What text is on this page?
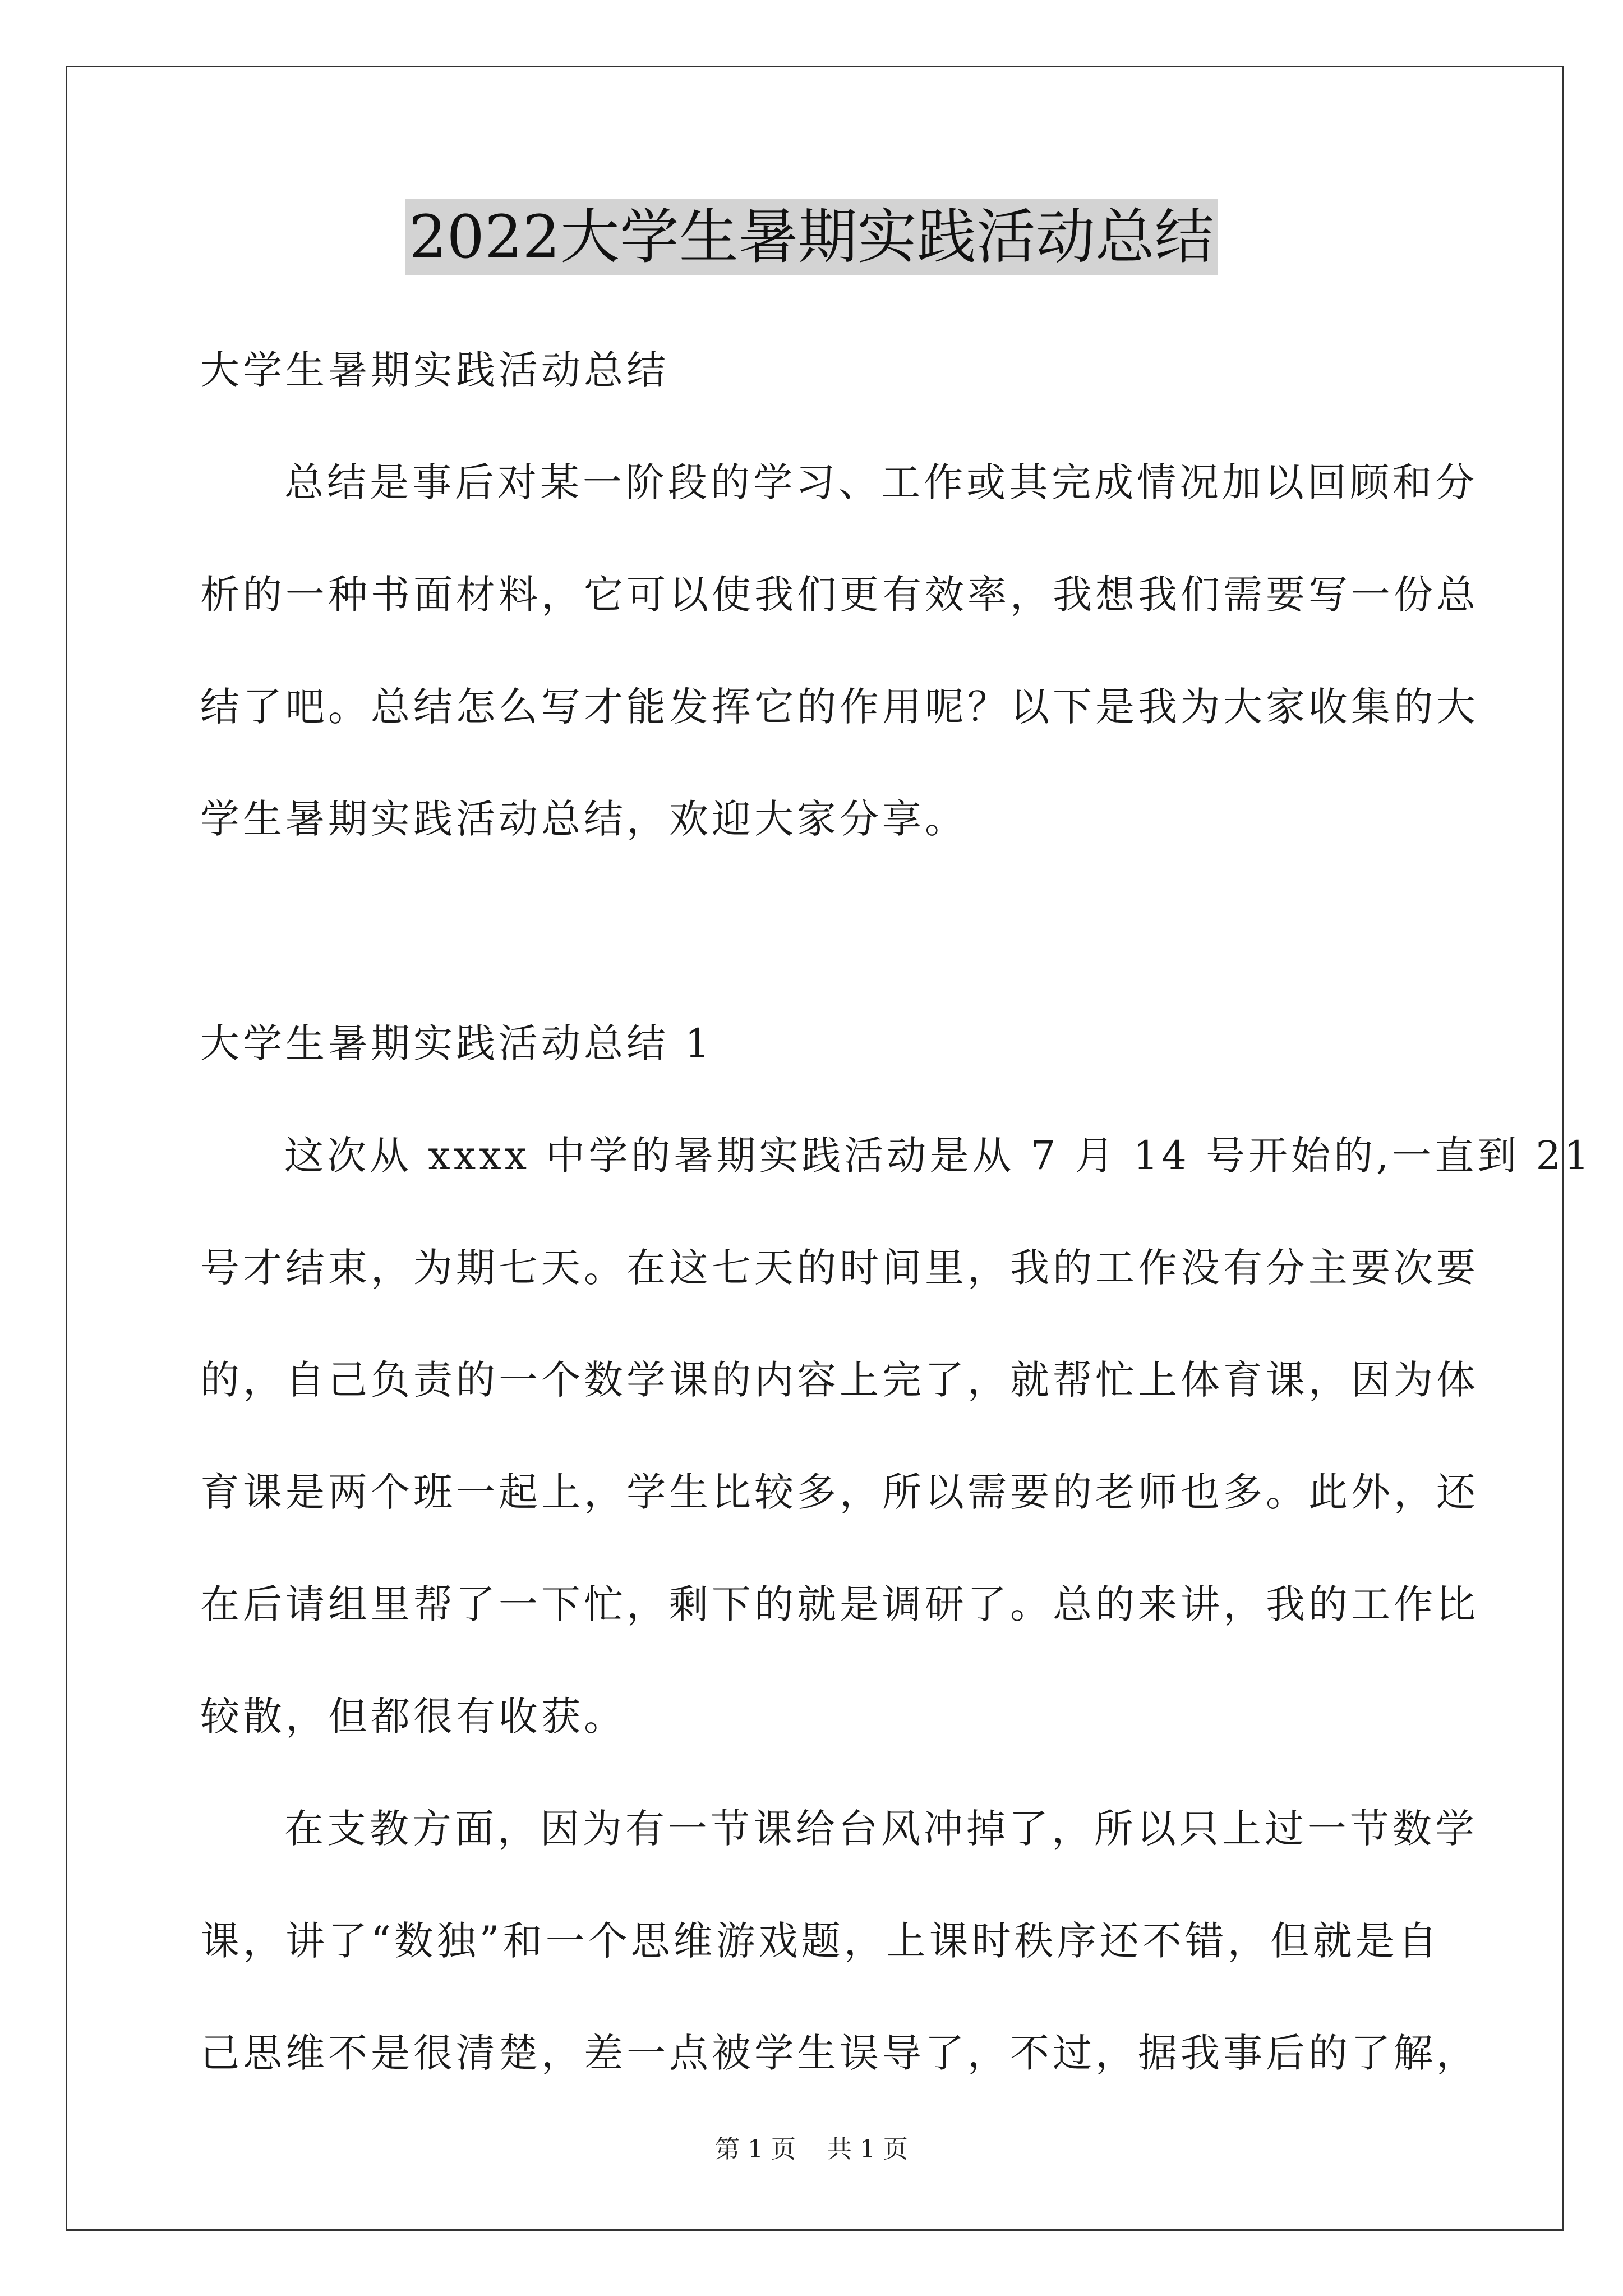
2022大学生暑期实践活动总结
大学生暑期实践活动总结
总结是事后对某一阶段的学习、工作或其完成情况加以回顾和分
析的一种书面材料，它可以使我们更有效率，我想我们需要写一份总
结了吧。总结怎么写才能发挥它的作用呢？以下是我为大家收集的大
学生暑期实践活动总结，欢迎大家分享。
大学生暑期实践活动总结 1
这次从 xxxx 中学的暑期实践活动是从 7 月 14 号开始的,一直到 21
号才结束，为期七天。在这七天的时间里，我的工作没有分主要次要
的，自己负责的一个数学课的内容上完了，就帮忙上体育课，因为体
育课是两个班一起上，学生比较多，所以需要的老师也多。此外，还
在后请组里帮了一下忙，剩下的就是调研了。总的来讲，我的工作比
较散，但都很有收获。
在支教方面，因为有一节课给台风冲掉了，所以只上过一节数学
课，讲了“数独”和一个思维游戏题，上课时秩序还不错，但就是自
己思维不是很清楚，差一点被学生误导了，不过，据我事后的了解，
第 1 页    共 1 页
